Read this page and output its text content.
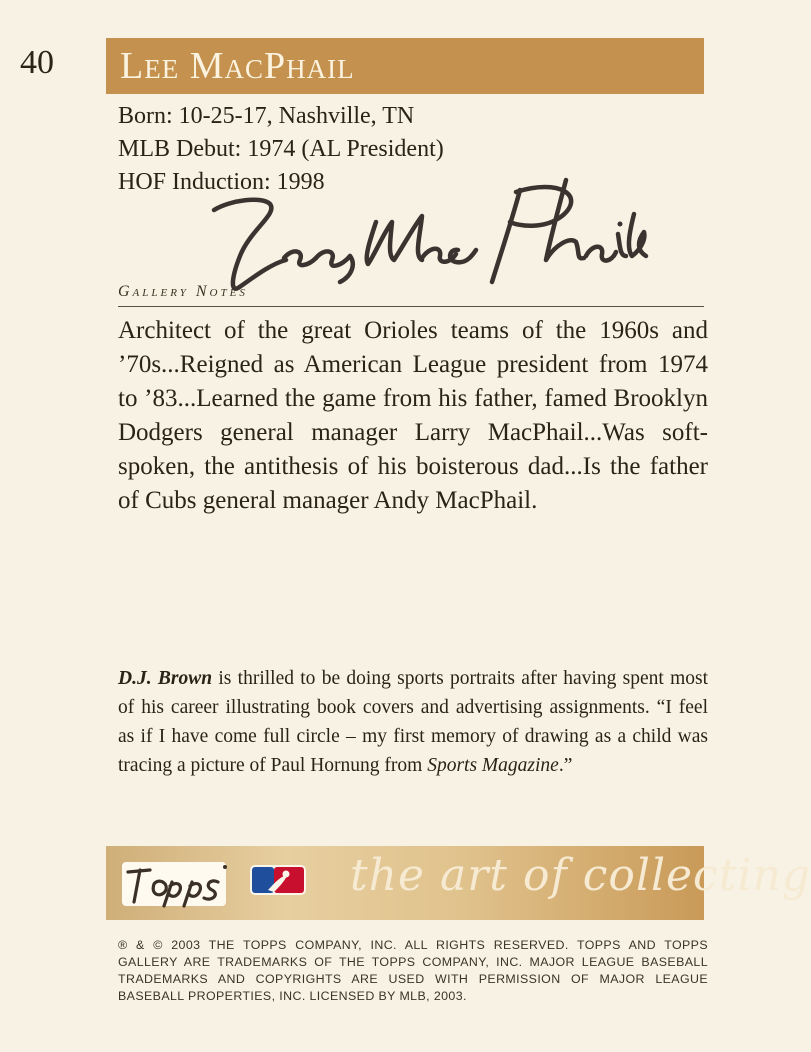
40 Lee MacPhail
Born: 10-25-17, Nashville, TN
MLB Debut: 1974 (AL President)
HOF Induction: 1998
Gallery Notes
Architect of the great Orioles teams of the 1960s and ’70s...Reigned as American League president from 1974 to ’83...Learned the game from his father, famed Brooklyn Dodgers general manager Larry MacPhail...Was soft-spoken, the antithesis of his boisterous dad...Is the father of Cubs general manager Andy MacPhail.
D.J. Brown is thrilled to be doing sports portraits after having spent most of his career illustrating book covers and advertising assignments. “I feel as if I have come full circle – my first memory of drawing as a child was tracing a picture of Paul Hornung from Sports Magazine.”
the art of collecting
® & © 2003 THE TOPPS COMPANY, INC. ALL RIGHTS RESERVED. TOPPS AND TOPPS GALLERY ARE TRADEMARKS OF THE TOPPS COMPANY, INC. MAJOR LEAGUE BASEBALL TRADEMARKS AND COPYRIGHTS ARE USED WITH PERMISSION OF MAJOR LEAGUE BASEBALL PROPERTIES, INC. LICENSED BY MLB, 2003.
